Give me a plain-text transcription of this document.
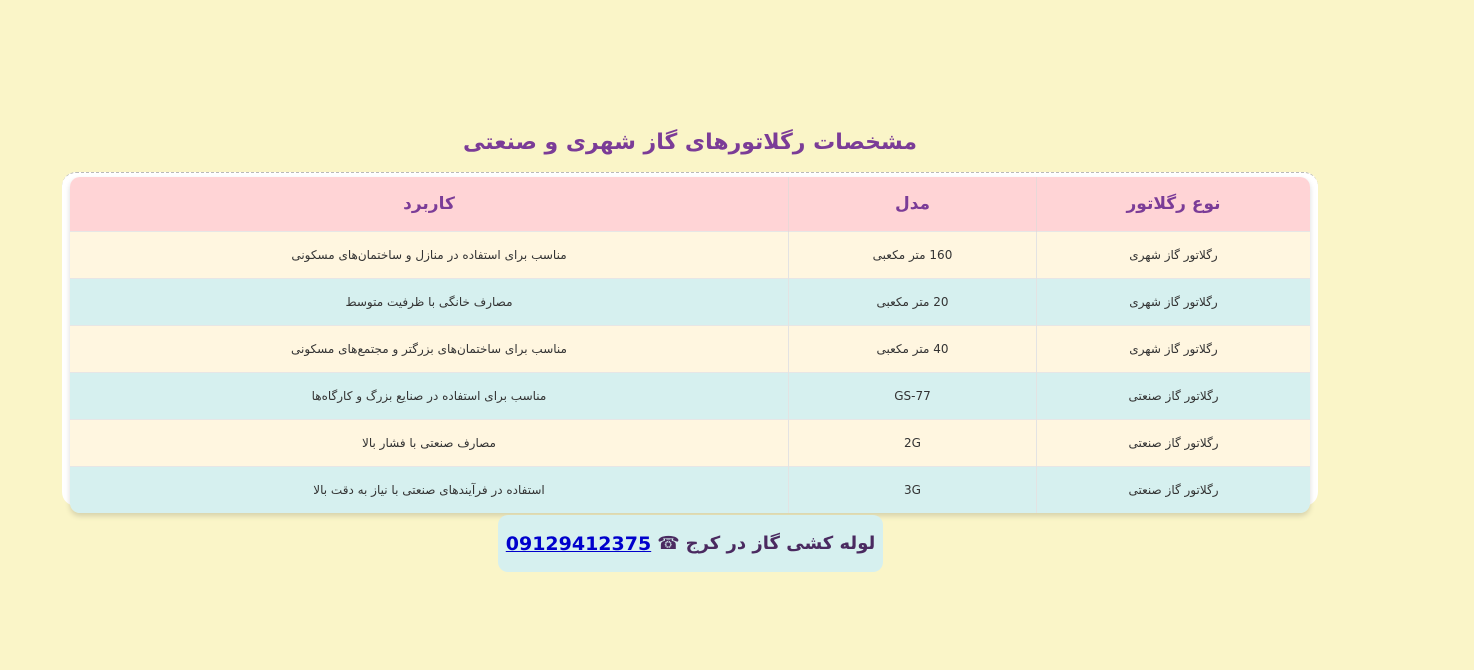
مشخصات رگلاتورهای گاز شهری و صنعتی
نوع رگلاتور	مدل	کاربرد
رگلاتور گاز شهری	160 متر مکعبی	مناسب برای استفاده در منازل و ساختمان‌های مسکونی
رگلاتور گاز شهری	20 متر مکعبی	مصارف خانگی با ظرفیت متوسط
رگلاتور گاز شهری	40 متر مکعبی	مناسب برای ساختمان‌های بزرگتر و مجتمع‌های مسکونی
رگلاتور گاز صنعتی	GS-77	مناسب برای استفاده در صنایع بزرگ و کارگاه‌ها
رگلاتور گاز صنعتی	2G	مصارف صنعتی با فشار بالا
رگلاتور گاز صنعتی	3G	استفاده در فرآیندهای صنعتی با نیاز به دقت بالا
لوله کشی گاز در کرج
☎
09129412375
